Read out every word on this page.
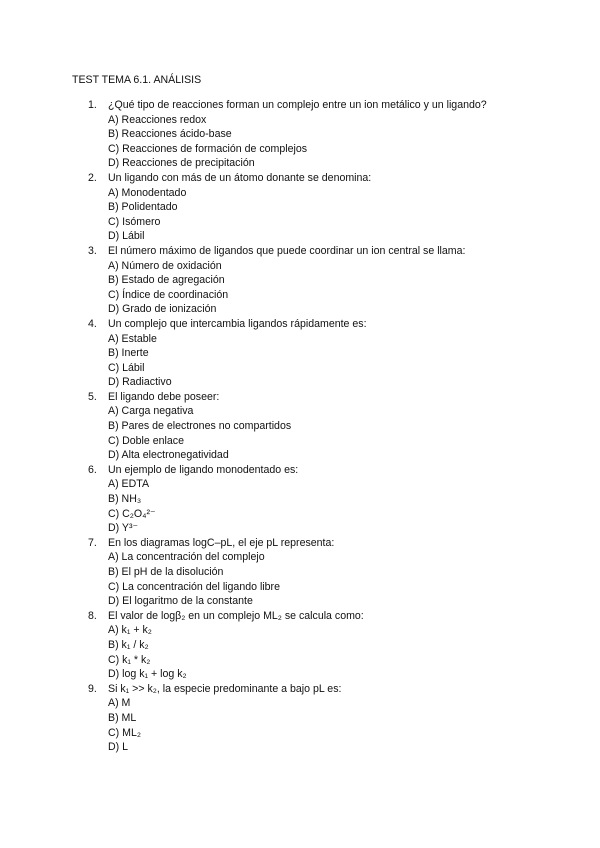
TEST TEMA 6.1. ANÁLISIS
1. ¿Qué tipo de reacciones forman un complejo entre un ion metálico y un ligando?
A) Reacciones redox
B) Reacciones ácido-base
C) Reacciones de formación de complejos
D) Reacciones de precipitación
2. Un ligando con más de un átomo donante se denomina:
A) Monodentado
B) Polidentado
C) Isómero
D) Lábil
3. El número máximo de ligandos que puede coordinar un ion central se llama:
A) Número de oxidación
B) Estado de agregación
C) Índice de coordinación
D) Grado de ionización
4. Un complejo que intercambia ligandos rápidamente es:
A) Estable
B) Inerte
C) Lábil
D) Radiactivo
5. El ligando debe poseer:
A) Carga negativa
B) Pares de electrones no compartidos
C) Doble enlace
D) Alta electronegatividad
6. Un ejemplo de ligando monodentado es:
A) EDTA
B) NH₃
C) C₂O₄²⁻
D) Y³⁻
7. En los diagramas logC–pL, el eje pL representa:
A) La concentración del complejo
B) El pH de la disolución
C) La concentración del ligando libre
D) El logaritmo de la constante
8. El valor de logβ₂ en un complejo ML₂ se calcula como:
A) k₁ + k₂
B) k₁ / k₂
C) k₁ * k₂
D) log k₁ + log k₂
9. Si k₁ >> k₂, la especie predominante a bajo pL es:
A) M
B) ML
C) ML₂
D) L
